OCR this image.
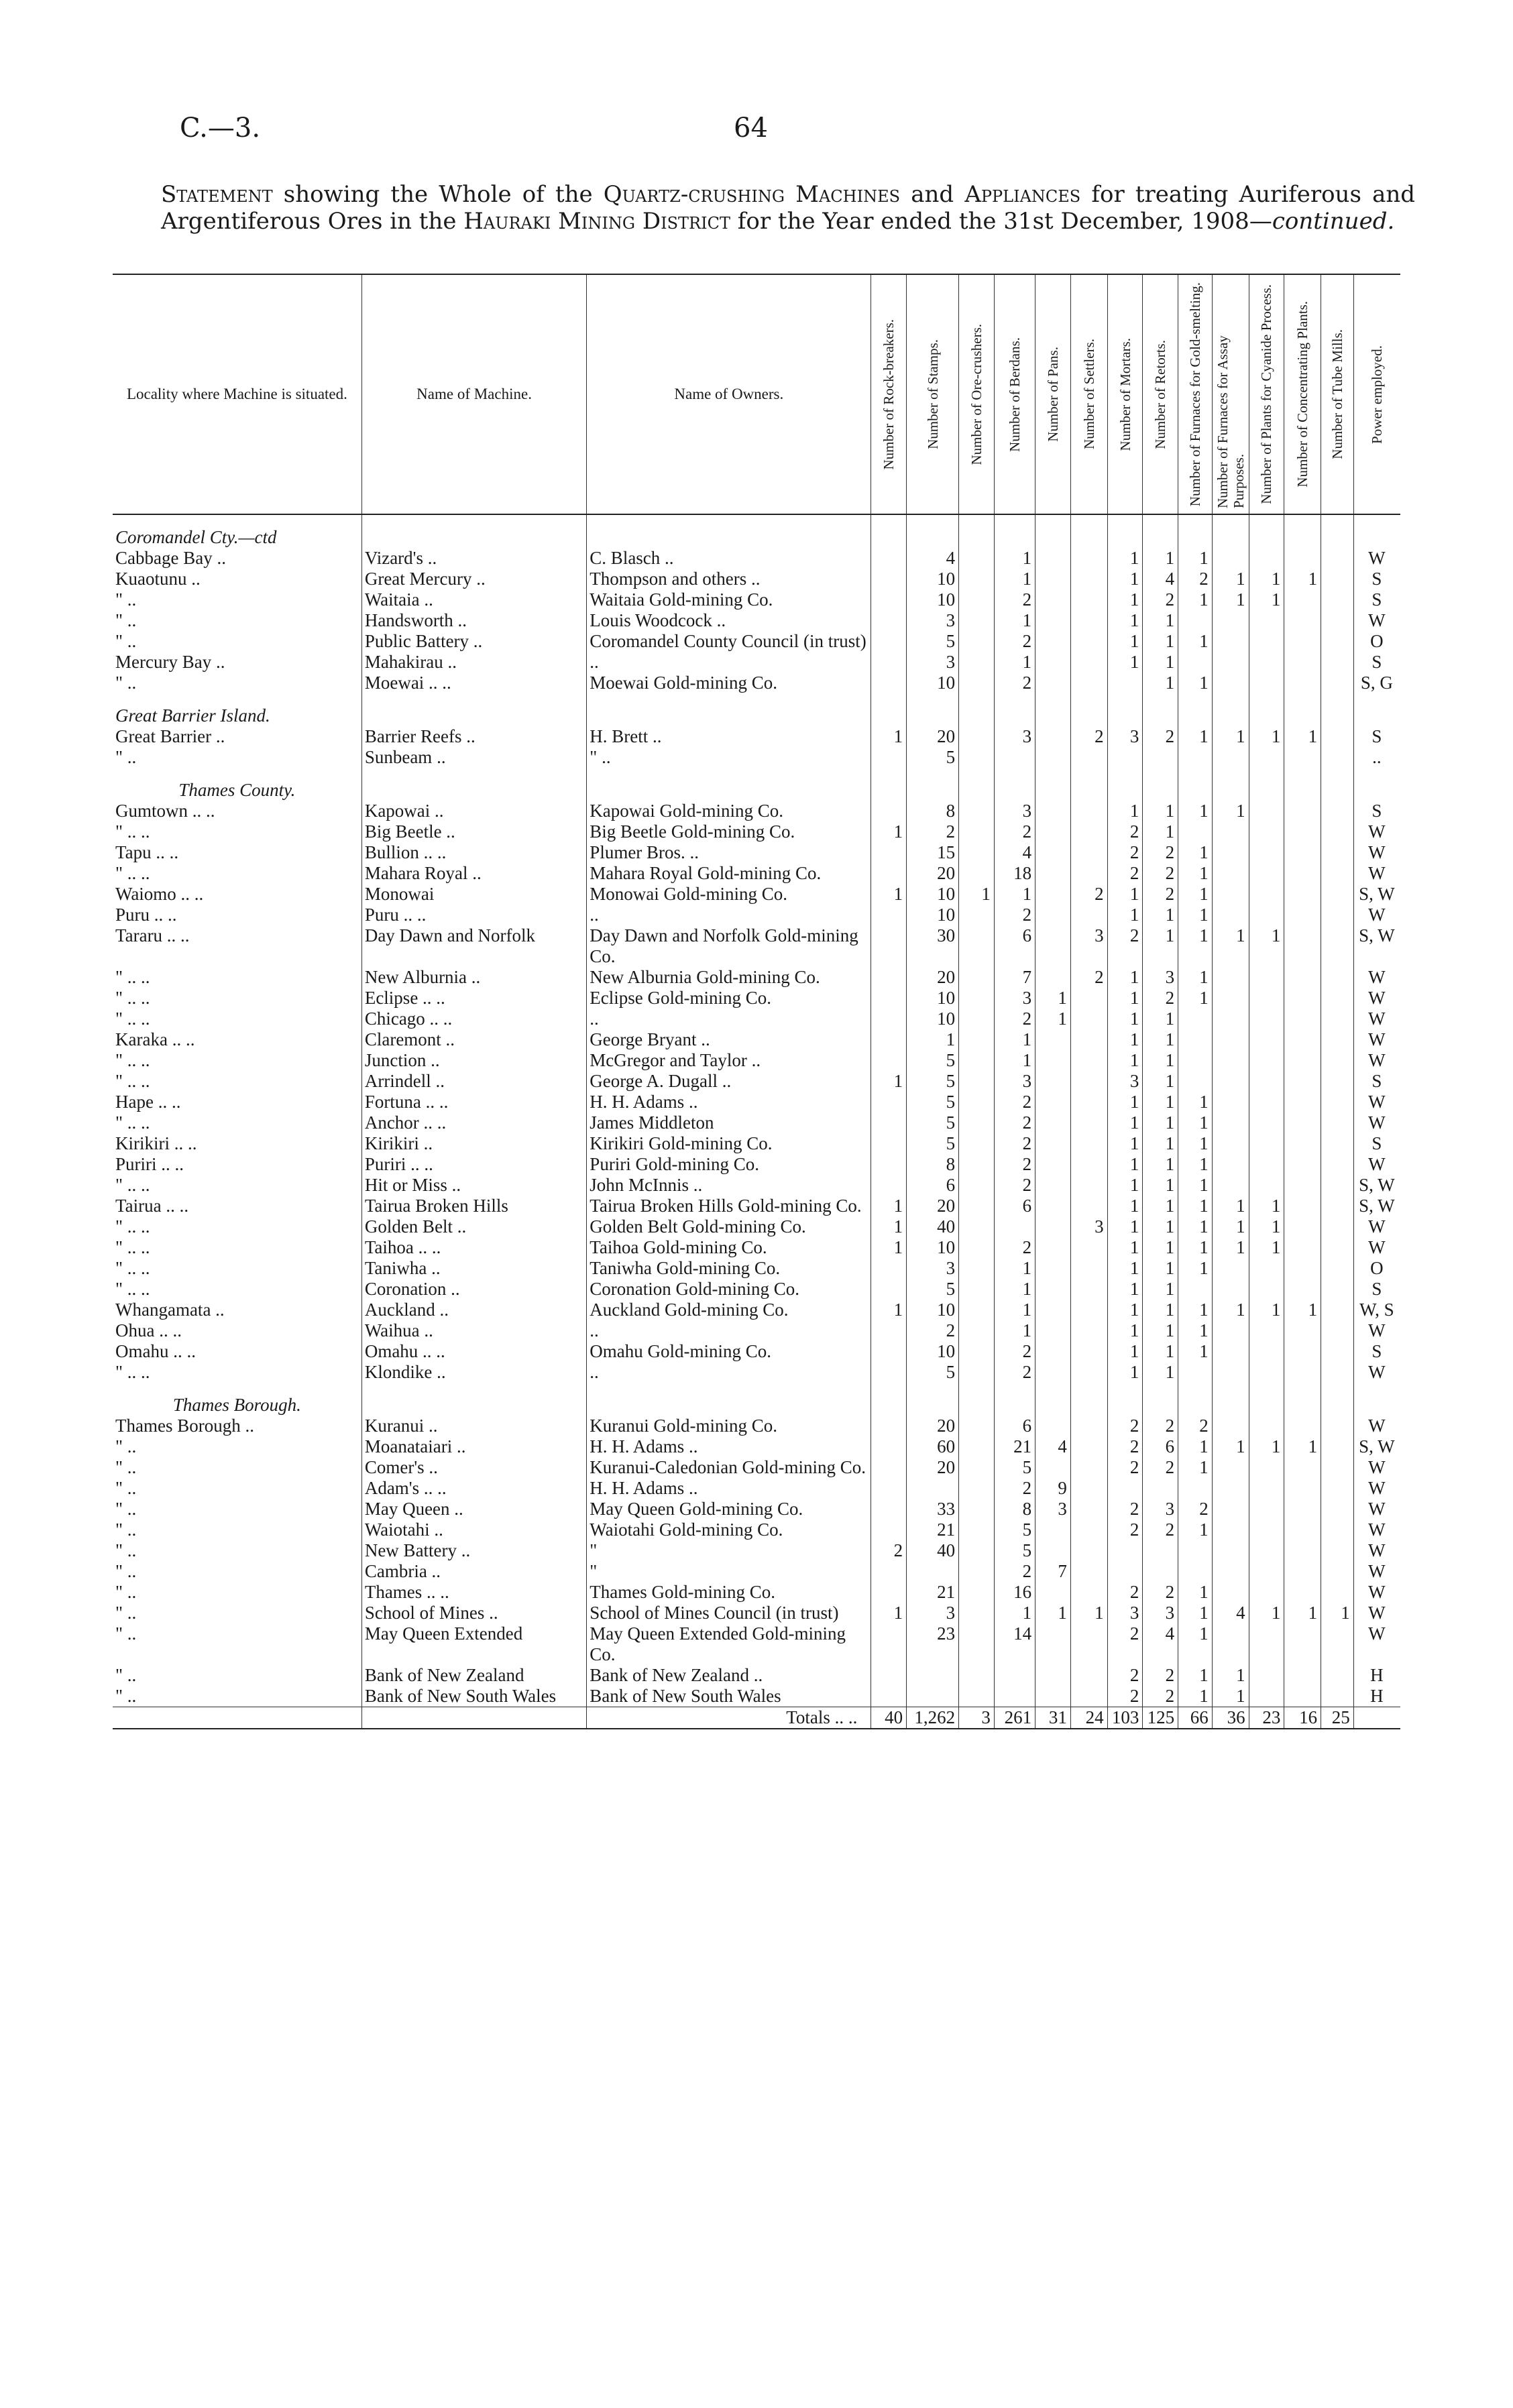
C.—3.	64
Statement showing the Whole of the Quartz-crushing Machines and Appliances for treating Auriferous and Argentiferous Ores in the Hauraki Mining District for the Year ended the 31st December, 1908—continued.
Locality where Machine is situated.	Name of Machine.	Name of Owners.	Number of Rock-breakers.	Number of Stamps.	Number of Ore-crushers.	Number of Berdans.	Number of Pans.	Number of Settlers.	Number of Mortars.	Number of Retorts.	Number of Furnaces for Gold-smelting.	Number of Furnaces for Assay Purposes.	Number of Plants for Cyanide Process.	Number of Concentrating Plants.	Number of Tube Mills.	Power employed.

Coromandel Cty.—ctd																
Cabbage Bay ..	Vizard's ..	C. Blasch ..		4		1			1	1	1					W
Kuaotunu ..	Great Mercury ..	Thompson and others ..		10		1			1	4	2	1	1	1		S
" ..	Waitaia ..	Waitaia Gold-mining Co.		10		2			1	2	1	1	1			S
" ..	Handsworth ..	Louis Woodcock ..		3		1			1	1						W
" ..	Public Battery ..	Coromandel County Council (in trust)		5		2			1	1	1					O
Mercury Bay ..	Mahakirau ..	..		3		1			1	1						S
" ..	Moewai .. ..	Moewai Gold-mining Co.		10		2				1	1					S, G
Great Barrier Island.																
Great Barrier ..	Barrier Reefs ..	H. Brett ..	1	20		3		2	3	2	1	1	1	1		S
" ..	Sunbeam ..	" ..		5												..
Thames County.																
Gumtown .. ..	Kapowai ..	Kapowai Gold-mining Co.		8		3			1	1	1	1				S
" .. ..	Big Beetle ..	Big Beetle Gold-mining Co.	1	2		2			2	1						W
Tapu .. ..	Bullion .. ..	Plumer Bros. ..		15		4			2	2	1					W
" .. ..	Mahara Royal ..	Mahara Royal Gold-mining Co.		20		18			2	2	1					W
Waiomo .. ..	Monowai	Monowai Gold-mining Co.	1	10	1	1		2	1	2	1					S, W
Puru .. ..	Puru .. ..	..		10		2			1	1	1					W
Tararu .. ..	Day Dawn and Norfolk	Day Dawn and Norfolk Gold-mining Co.		30		6		3	2	1	1	1	1			S, W
" .. ..	New Alburnia ..	New Alburnia Gold-mining Co.		20		7		2	1	3	1					W
" .. ..	Eclipse .. ..	Eclipse Gold-mining Co.		10		3	1		1	2	1					W
" .. ..	Chicago .. ..	..		10		2	1		1	1						W
Karaka .. ..	Claremont ..	George Bryant ..		1		1			1	1						W
" .. ..	Junction ..	McGregor and Taylor ..		5		1			1	1						W
" .. ..	Arrindell ..	George A. Dugall ..	1	5		3			3	1						S
Hape .. ..	Fortuna .. ..	H. H. Adams ..		5		2			1	1	1					W
" .. ..	Anchor .. ..	James Middleton		5		2			1	1	1					W
Kirikiri .. ..	Kirikiri ..	Kirikiri Gold-mining Co.		5		2			1	1	1					S
Puriri .. ..	Puriri .. ..	Puriri Gold-mining Co.		8		2			1	1	1					W
" .. ..	Hit or Miss ..	John McInnis ..		6		2			1	1	1					S, W
Tairua .. ..	Tairua Broken Hills	Tairua Broken Hills Gold-mining Co.	1	20		6			1	1	1	1	1			S, W
" .. ..	Golden Belt ..	Golden Belt Gold-mining Co.	1	40				3	1	1	1	1	1			W
" .. ..	Taihoa .. ..	Taihoa Gold-mining Co.	1	10		2			1	1	1	1	1			W
" .. ..	Taniwha ..	Taniwha Gold-mining Co.		3		1			1	1	1					O
" .. ..	Coronation ..	Coronation Gold-mining Co.		5		1			1	1						S
Whangamata ..	Auckland ..	Auckland Gold-mining Co.	1	10		1			1	1	1	1	1	1		W, S
Ohua .. ..	Waihua ..	..		2		1			1	1	1					W
Omahu .. ..	Omahu .. ..	Omahu Gold-mining Co.		10		2			1	1	1					S
" .. ..	Klondike ..	..		5		2			1	1						W
Thames Borough.																
Thames Borough ..	Kuranui ..	Kuranui Gold-mining Co.		20		6			2	2	2					W
" ..	Moanataiari ..	H. H. Adams ..		60		21	4		2	6	1	1	1	1		S, W
" ..	Comer's ..	Kuranui-Caledonian Gold-mining Co.		20		5			2	2	1					W
" ..	Adam's .. ..	H. H. Adams ..				2	9									W
" ..	May Queen ..	May Queen Gold-mining Co.		33		8	3		2	3	2					W
" ..	Waiotahi ..	Waiotahi Gold-mining Co.		21		5			2	2	1					W
" ..	New Battery ..	"	2	40		5										W
" ..	Cambria ..	"				2	7									W
" ..	Thames .. ..	Thames Gold-mining Co.		21		16			2	2	1					W
" ..	School of Mines ..	School of Mines Council (in trust)	1	3		1	1	1	3	3	1	4	1	1	1	W
" ..	May Queen Extended	May Queen Extended Gold-mining Co.		23		14			2	4	1					W
" ..	Bank of New Zealand	Bank of New Zealand ..							2	2	1	1				H
" ..	Bank of New South Wales	Bank of New South Wales							2	2	1	1				H
		Totals .. ..	40	1,262	3	261	31	24	103	125	66	36	23	16	25	
